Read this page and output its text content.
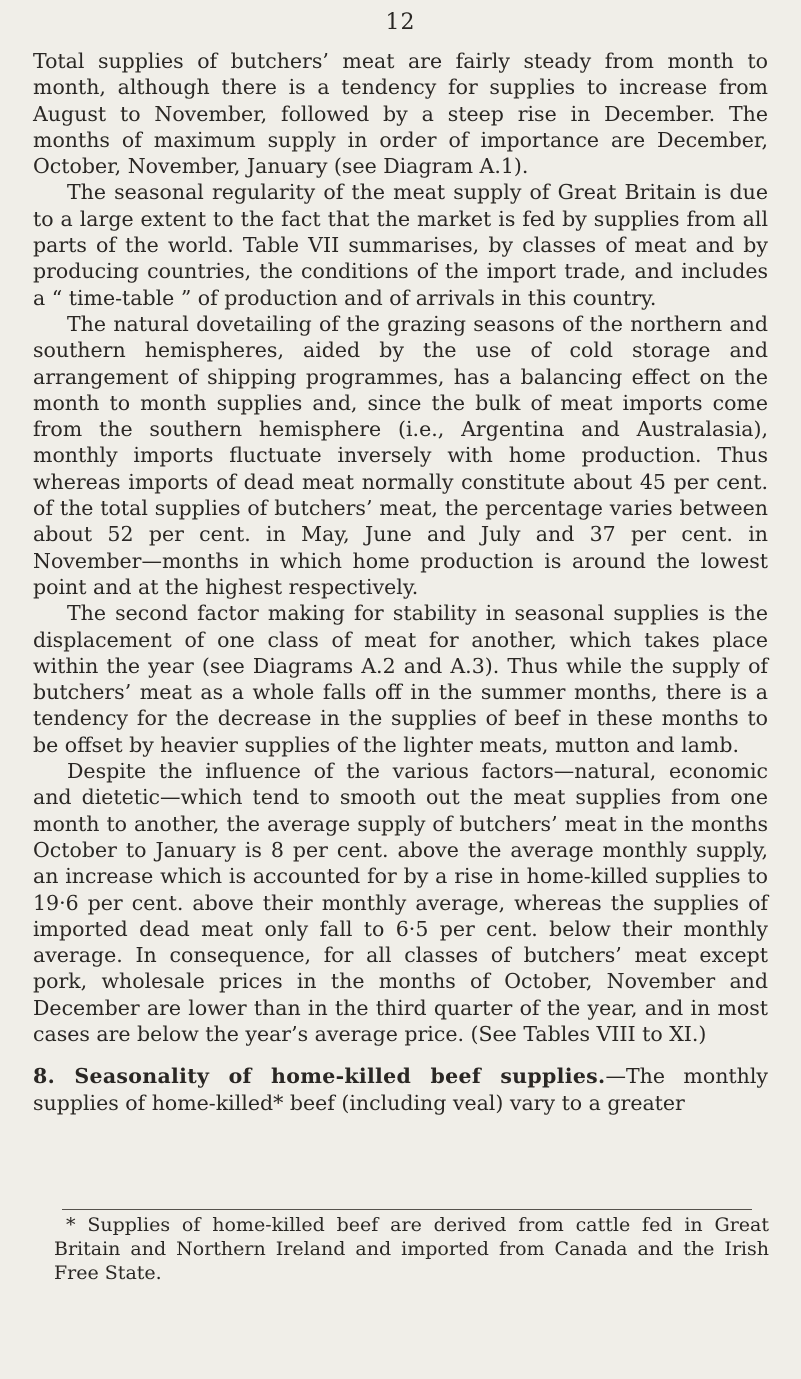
12

Total supplies of butchers’ meat are fairly steady from month to month, although there is a tendency for supplies to increase from August to November, followed by a steep rise in December. The months of maximum supply in order of importance are December, October, November, January (see Diagram A.1).

The seasonal regularity of the meat supply of Great Britain is due to a large extent to the fact that the market is fed by supplies from all parts of the world. Table VII summarises, by classes of meat and by producing countries, the conditions of the import trade, and includes a “ time-table ” of production and of arrivals in this country.

The natural dovetailing of the grazing seasons of the northern and southern hemispheres, aided by the use of cold storage and arrangement of shipping programmes, has a balancing effect on the month to month supplies and, since the bulk of meat imports come from the southern hemisphere (i.e., Argentina and Australasia), monthly imports fluctuate inversely with home production. Thus whereas imports of dead meat normally constitute about 45 per cent. of the total supplies of butchers’ meat, the percentage varies between about 52 per cent. in May, June and July and 37 per cent. in November—months in which home production is around the lowest point and at the highest respectively.

The second factor making for stability in seasonal supplies is the displacement of one class of meat for another, which takes place within the year (see Diagrams A.2 and A.3). Thus while the supply of butchers’ meat as a whole falls off in the summer months, there is a tendency for the decrease in the supplies of beef in these months to be offset by heavier supplies of the lighter meats, mutton and lamb.

Despite the influence of the various factors—natural, economic and dietetic—which tend to smooth out the meat supplies from one month to another, the average supply of butchers’ meat in the months October to January is 8 per cent. above the average monthly supply, an increase which is accounted for by a rise in home-killed supplies to 19·6 per cent. above their monthly average, whereas the supplies of imported dead meat only fall to 6·5 per cent. below their monthly average. In consequence, for all classes of butchers’ meat except pork, wholesale prices in the months of October, November and December are lower than in the third quarter of the year, and in most cases are below the year’s average price. (See Tables VIII to XI.)

8. Seasonality of home-killed beef supplies.—The monthly supplies of home-killed* beef (including veal) vary to a greater

* Supplies of home-killed beef are derived from cattle fed in Great Britain and Northern Ireland and imported from Canada and the Irish Free State.
